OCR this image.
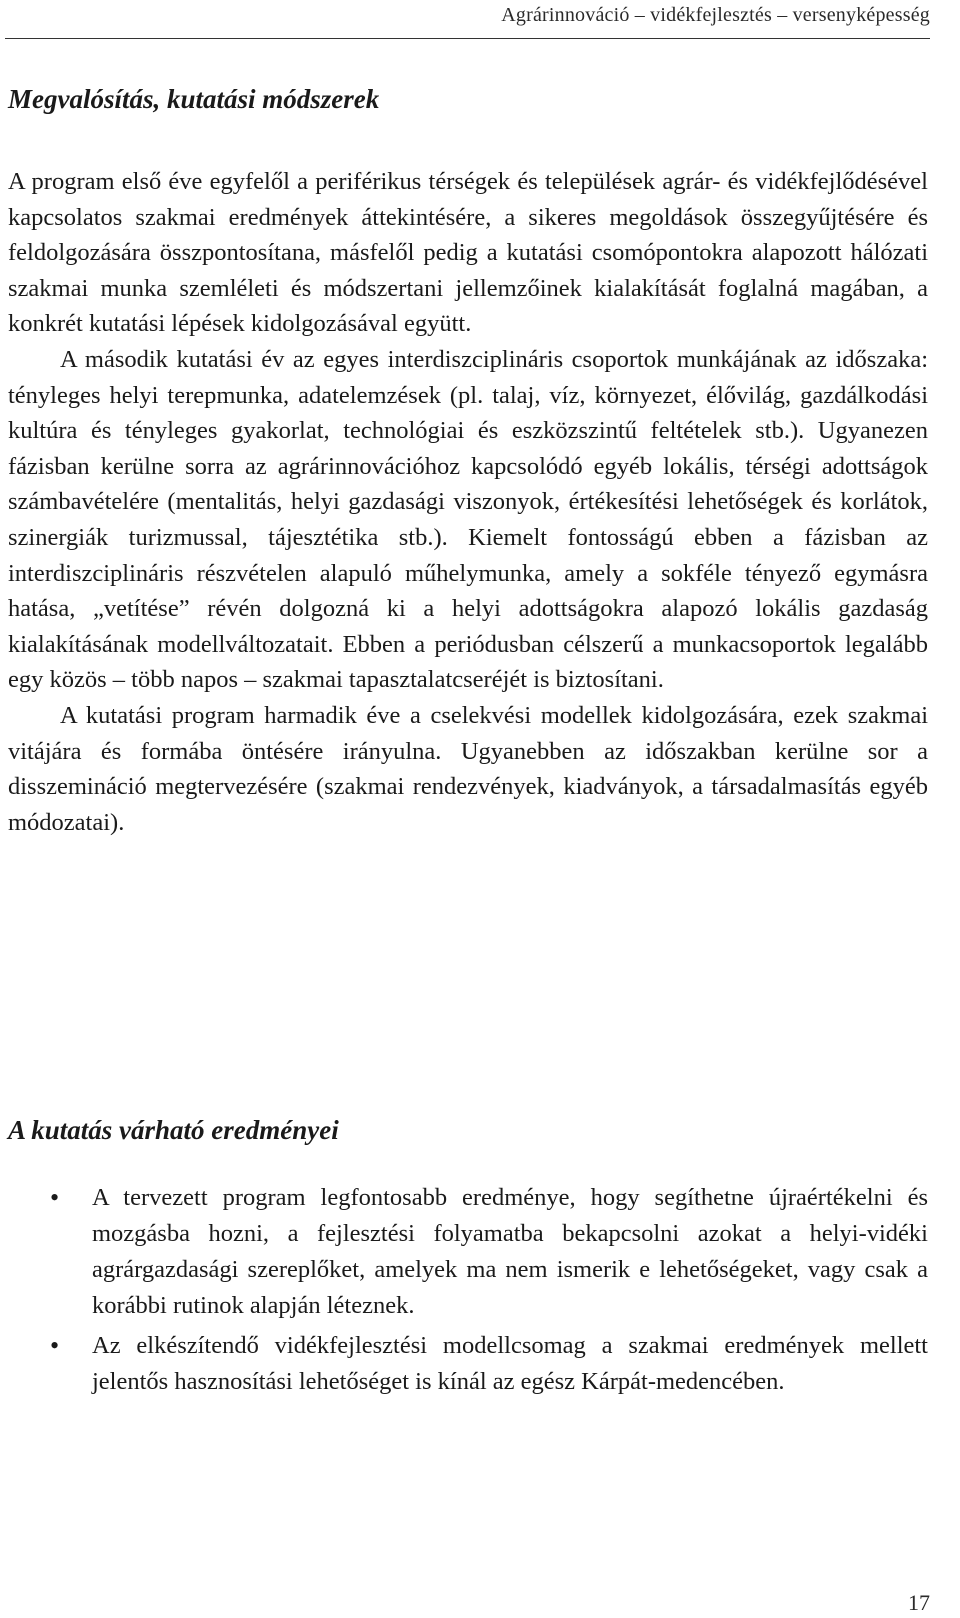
Agrárinnováció – vidékfejlesztés – versenyképesség
Megvalósítás, kutatási módszerek

A program első éve egyfelől a periférikus térségek és települések agrár- és vidékfejlődésével kapcsolatos szakmai eredmények áttekintésére, a sikeres megoldások összegyűjtésére és feldolgozására összpontosítana, másfelől pedig a kutatási csomópontokra alapozott hálózati szakmai munka szemléleti és módszertani jellemzőinek kialakítását foglalná magában, a konkrét kutatási lépések kidolgozásával együtt.

A második kutatási év az egyes interdiszciplináris csoportok munkájának az időszaka: tényleges helyi terepmunka, adatelemzések (pl. talaj, víz, környezet, élővilág, gazdálkodási kultúra és tényleges gyakorlat, technológiai és eszközszintű feltételek stb.). Ugyanezen fázisban kerülne sorra az agrárinnovációhoz kapcsolódó egyéb lokális, térségi adottságok számbavételére (mentalitás, helyi gazdasági viszonyok, értékesítési lehetőségek és korlátok, szinergiák turizmussal, tájesztétika stb.). Kiemelt fontosságú ebben a fázisban az interdiszciplináris részvételen alapuló műhelymunka, amely a sokféle tényező egymásra hatása, „vetítése” révén dolgozná ki a helyi adottságokra alapozó lokális gazdaság kialakításának modellváltozatait. Ebben a periódusban célszerű a munkacsoportok legalább egy közös – több napos – szakmai tapasztalatcseréjét is biztosítani.

A kutatási program harmadik éve a cselekvési modellek kidolgozására, ezek szakmai vitájára és formába öntésére irányulna. Ugyanebben az időszakban kerülne sor a disszemináció megtervezésére (szakmai rendezvények, kiadványok, a társadalmasítás egyéb módozatai).

A kutatás várható eredményei
• A tervezett program legfontosabb eredménye, hogy segíthetne újraértékelni és mozgásba hozni, a fejlesztési folyamatba bekapcsolni azokat a helyi-vidéki agrárgazdasági szereplőket, amelyek ma nem ismerik e lehetőségeket, vagy csak a korábbi rutinok alapján léteznek.
• Az elkészítendő vidékfejlesztési modellcsomag a szakmai eredmények mellett jelentős hasznosítási lehetőséget is kínál az egész Kárpát-medencében.
17
